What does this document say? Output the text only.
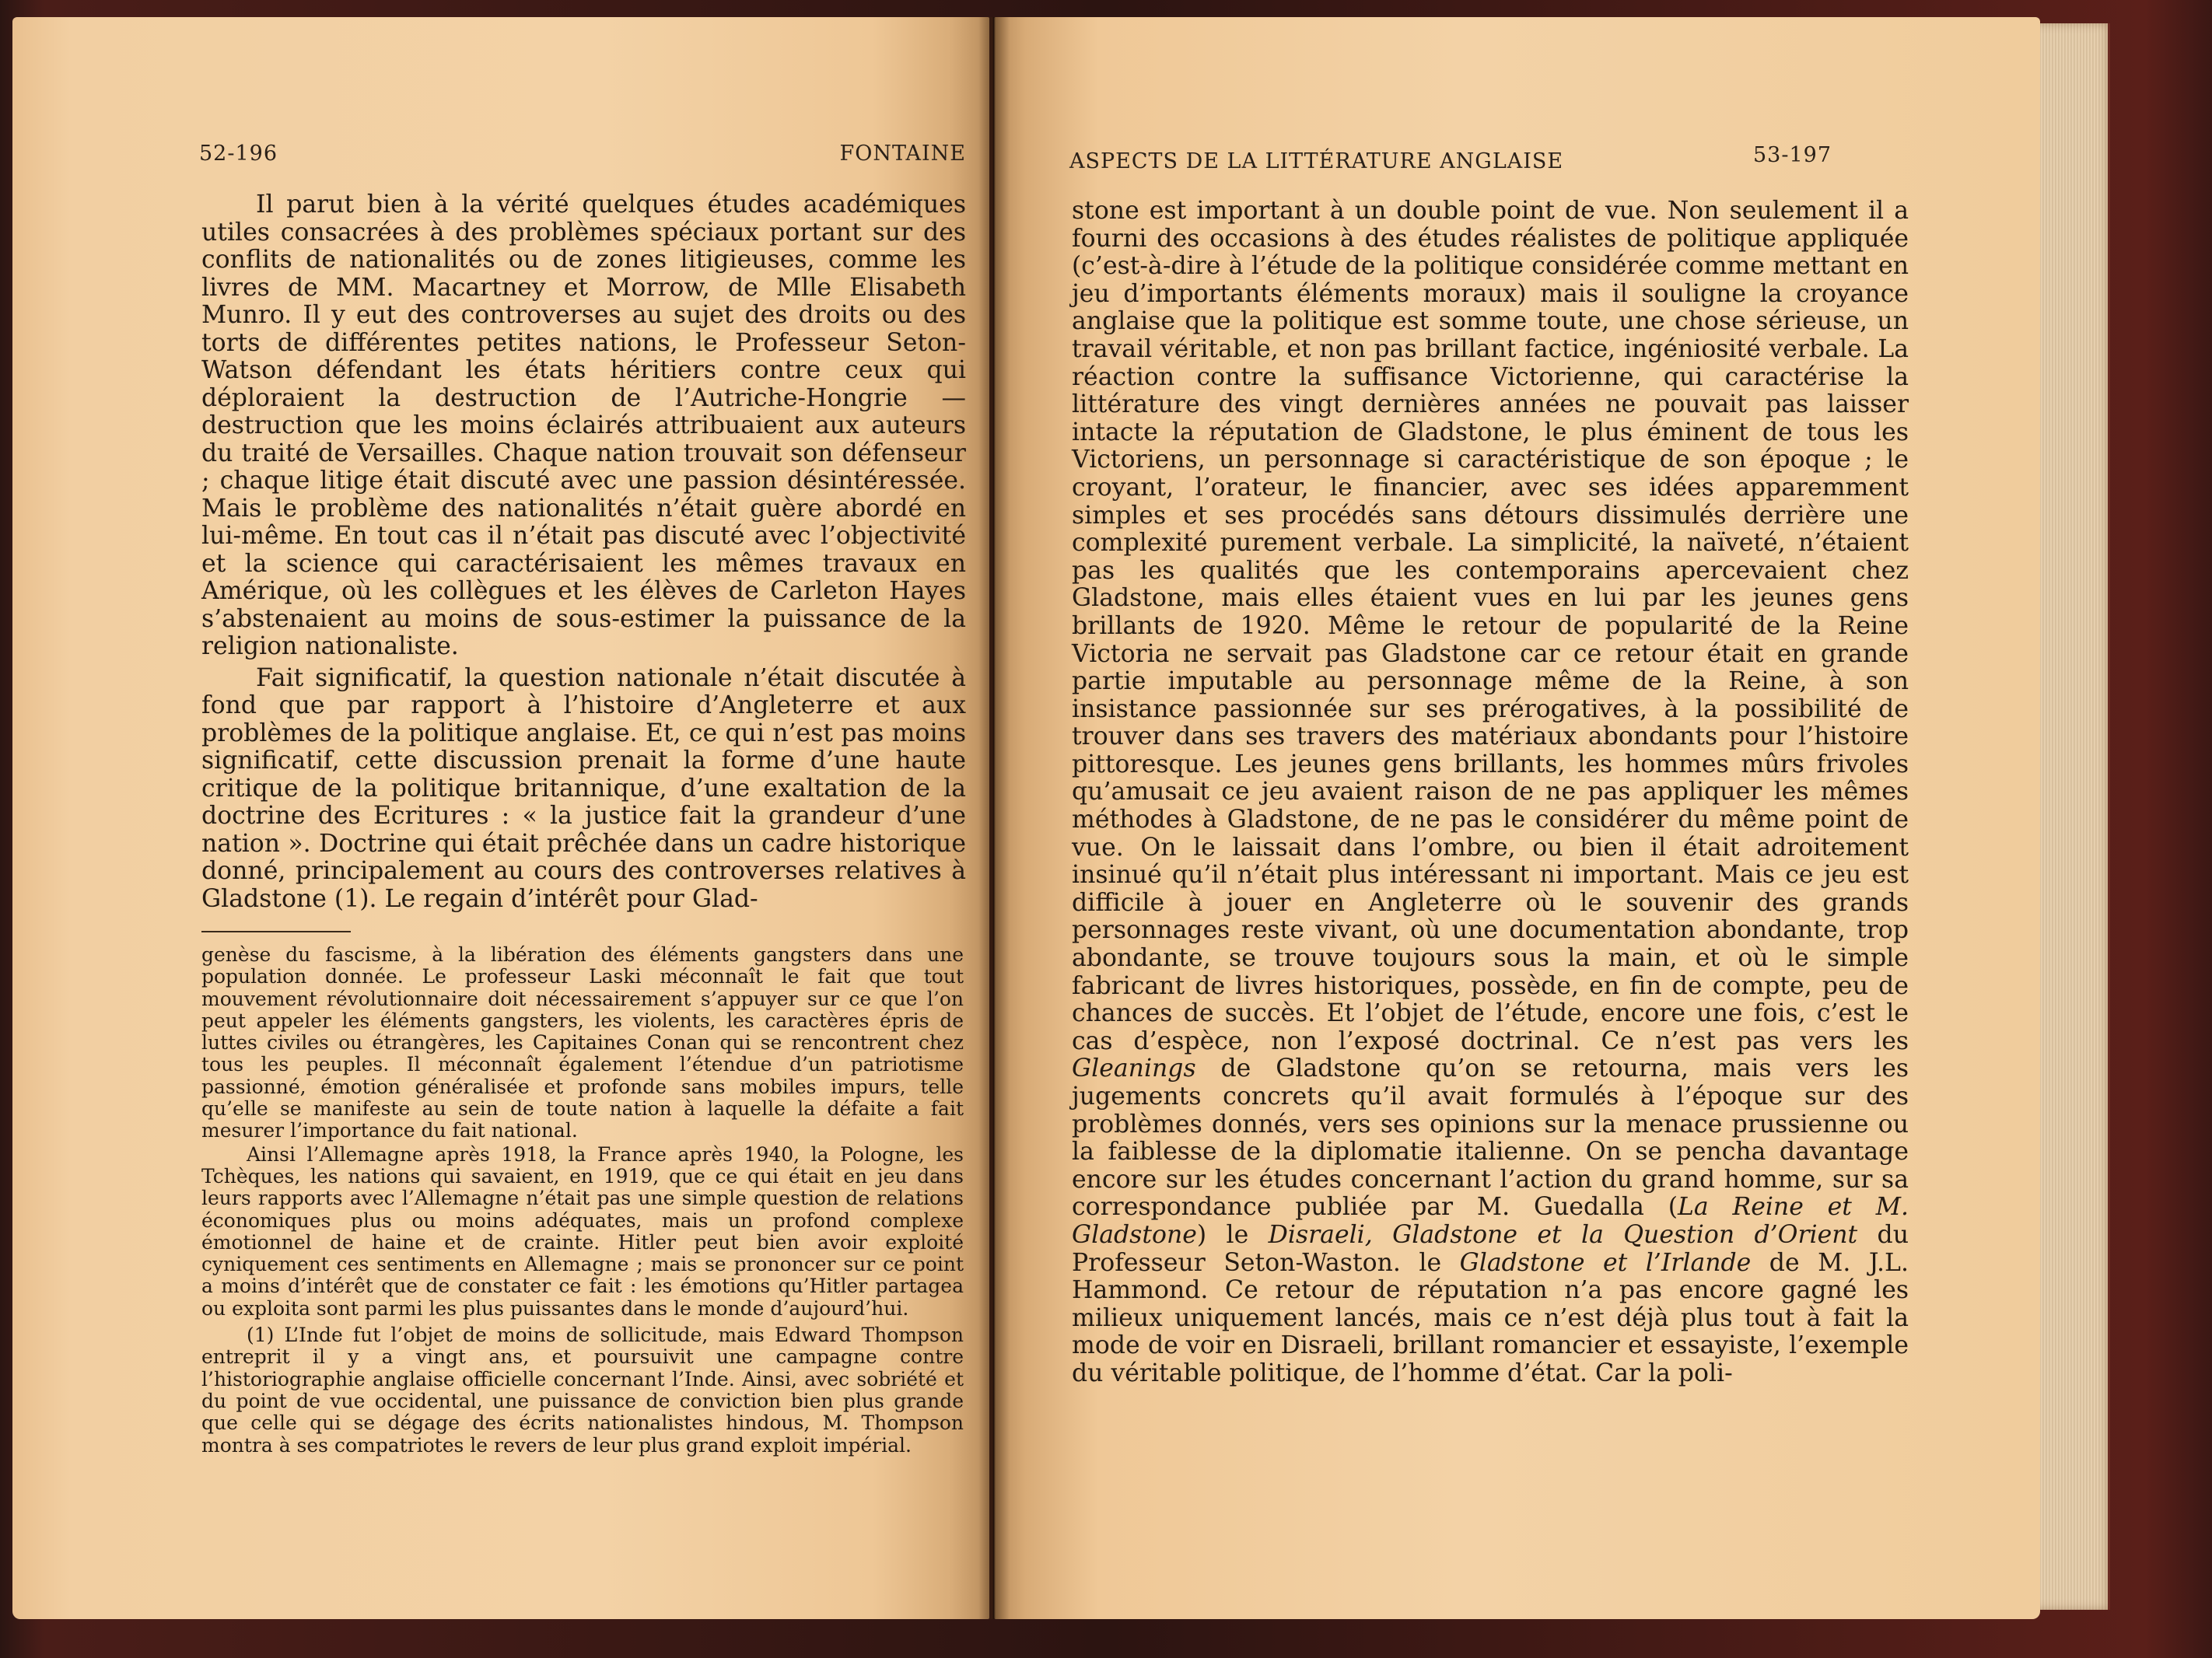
52-196	FONTAINE

Il parut bien à la vérité quelques études académiques utiles consacrées à des problèmes spéciaux portant sur des conflits de nationalités ou de zones litigieuses, comme les livres de MM. Macartney et Morrow, de Mlle Elisabeth Munro. Il y eut des controverses au sujet des droits ou des torts de différentes petites nations, le Professeur Seton-Watson défendant les états héritiers contre ceux qui déploraient la destruction de l’Autriche-Hongrie — destruction que les moins éclairés attribuaient aux auteurs du traité de Versailles. Chaque nation trouvait son défenseur ; chaque litige était discuté avec une passion désintéressée. Mais le problème des nationalités n’était guère abordé en lui-même. En tout cas il n’était pas discuté avec l’objectivité et la science qui caractérisaient les mêmes travaux en Amérique, où les collègues et les élèves de Carleton Hayes s’abstenaient au moins de sous-estimer la puissance de la religion nationaliste.

Fait significatif, la question nationale n’était discutée à fond que par rapport à l’histoire d’Angleterre et aux problèmes de la politique anglaise. Et, ce qui n’est pas moins significatif, cette discussion prenait la forme d’une haute critique de la politique britannique, d’une exaltation de la doctrine des Ecritures : « la justice fait la grandeur d’une nation ». Doctrine qui était prêchée dans un cadre historique donné, principalement au cours des controverses relatives à Gladstone (1). Le regain d’intérêt pour Glad-

genèse du fascisme, à la libération des éléments gangsters dans une population donnée. Le professeur Laski méconnaît le fait que tout mouvement révolutionnaire doit nécessairement s’appuyer sur ce que l’on peut appeler les éléments gangsters, les violents, les caractères épris de luttes civiles ou étrangères, les Capitaines Conan qui se rencontrent chez tous les peuples. Il méconnaît également l’étendue d’un patriotisme passionné, émotion généralisée et profonde sans mobiles impurs, telle qu’elle se manifeste au sein de toute nation à laquelle la défaite a fait mesurer l’importance du fait national.

Ainsi l’Allemagne après 1918, la France après 1940, la Pologne, les Tchèques, les nations qui savaient, en 1919, que ce qui était en jeu dans leurs rapports avec l’Allemagne n’était pas une simple question de relations économiques plus ou moins adéquates, mais un profond complexe émotionnel de haine et de crainte. Hitler peut bien avoir exploité cyniquement ces sentiments en Allemagne ; mais se prononcer sur ce point a moins d’intérêt que de constater ce fait : les émotions qu’Hitler partagea ou exploita sont parmi les plus puissantes dans le monde d’aujourd’hui.

(1) L’Inde fut l’objet de moins de sollicitude, mais Edward Thompson entreprit il y a vingt ans, et poursuivit une campagne contre l’historiographie anglaise officielle concernant l’Inde. Ainsi, avec sobriété et du point de vue occidental, une puissance de conviction bien plus grande que celle qui se dégage des écrits nationalistes hindous, M. Thompson montra à ses compatriotes le revers de leur plus grand exploit impérial.

ASPECTS DE LA LITTÉRATURE ANGLAISE	53-197

stone est important à un double point de vue. Non seulement il a fourni des occasions à des études réalistes de politique appliquée (c’est-à-dire à l’étude de la politique considérée comme mettant en jeu d’importants éléments moraux) mais il souligne la croyance anglaise que la politique est somme toute, une chose sérieuse, un travail véritable, et non pas brillant factice, ingéniosité verbale. La réaction contre la suffisance Victorienne, qui caractérise la littérature des vingt dernières années ne pouvait pas laisser intacte la réputation de Gladstone, le plus éminent de tous les Victoriens, un personnage si caractéristique de son époque ; le croyant, l’orateur, le financier, avec ses idées apparemment simples et ses procédés sans détours dissimulés derrière une complexité purement verbale. La simplicité, la naïveté, n’étaient pas les qualités que les contemporains apercevaient chez Gladstone, mais elles étaient vues en lui par les jeunes gens brillants de 1920. Même le retour de popularité de la Reine Victoria ne servait pas Gladstone car ce retour était en grande partie imputable au personnage même de la Reine, à son insistance passionnée sur ses prérogatives, à la possibilité de trouver dans ses travers des matériaux abondants pour l’histoire pittoresque. Les jeunes gens brillants, les hommes mûrs frivoles qu’amusait ce jeu avaient raison de ne pas appliquer les mêmes méthodes à Gladstone, de ne pas le considérer du même point de vue. On le laissait dans l’ombre, ou bien il était adroitement insinué qu’il n’était plus intéressant ni important. Mais ce jeu est difficile à jouer en Angleterre où le souvenir des grands personnages reste vivant, où une documentation abondante, trop abondante, se trouve toujours sous la main, et où le simple fabricant de livres historiques, possède, en fin de compte, peu de chances de succès. Et l’objet de l’étude, encore une fois, c’est le cas d’espèce, non l’exposé doctrinal. Ce n’est pas vers les Gleanings de Gladstone qu’on se retourna, mais vers les jugements concrets qu’il avait formulés à l’époque sur des problèmes donnés, vers ses opinions sur la menace prussienne ou la faiblesse de la diplomatie italienne. On se pencha davantage encore sur les études concernant l’action du grand homme, sur sa correspondance publiée par M. Guedalla (La Reine et M. Gladstone) le Disraeli, Gladstone et la Question d’Orient du Professeur Seton-Waston. le Gladstone et l’Irlande de M. J.L. Hammond. Ce retour de réputation n’a pas encore gagné les milieux uniquement lancés, mais ce n’est déjà plus tout à fait la mode de voir en Disraeli, brillant romancier et essayiste, l’exemple du véritable politique, de l’homme d’état. Car la poli-
